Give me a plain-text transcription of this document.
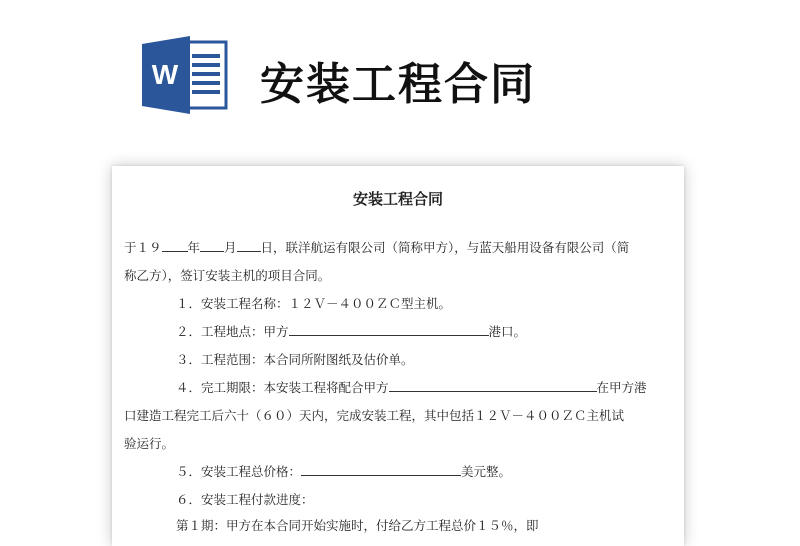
W 安装工程合同
安装工程合同
于１９ 年 月 日，联洋航运有限公司（简称甲方），与蓝天船用设备有限公司（简
称乙方），签订安装主机的项目合同。
１．安装工程名称：１２Ｖ－４００ＺＣ型主机。
２．工程地点：甲方	港口。
３．工程范围：本合同所附图纸及估价单。
４．完工期限：本安装工程将配合甲方	在甲方港
口建造工程完工后六十（６０）天内，完成安装工程，其中包括１２Ｖ－４００ＺＣ主机试
验运行。
５．安装工程总价格：	美元整。
６．安装工程付款进度：
第１期：甲方在本合同开始实施时，付给乙方工程总价１５％，即
